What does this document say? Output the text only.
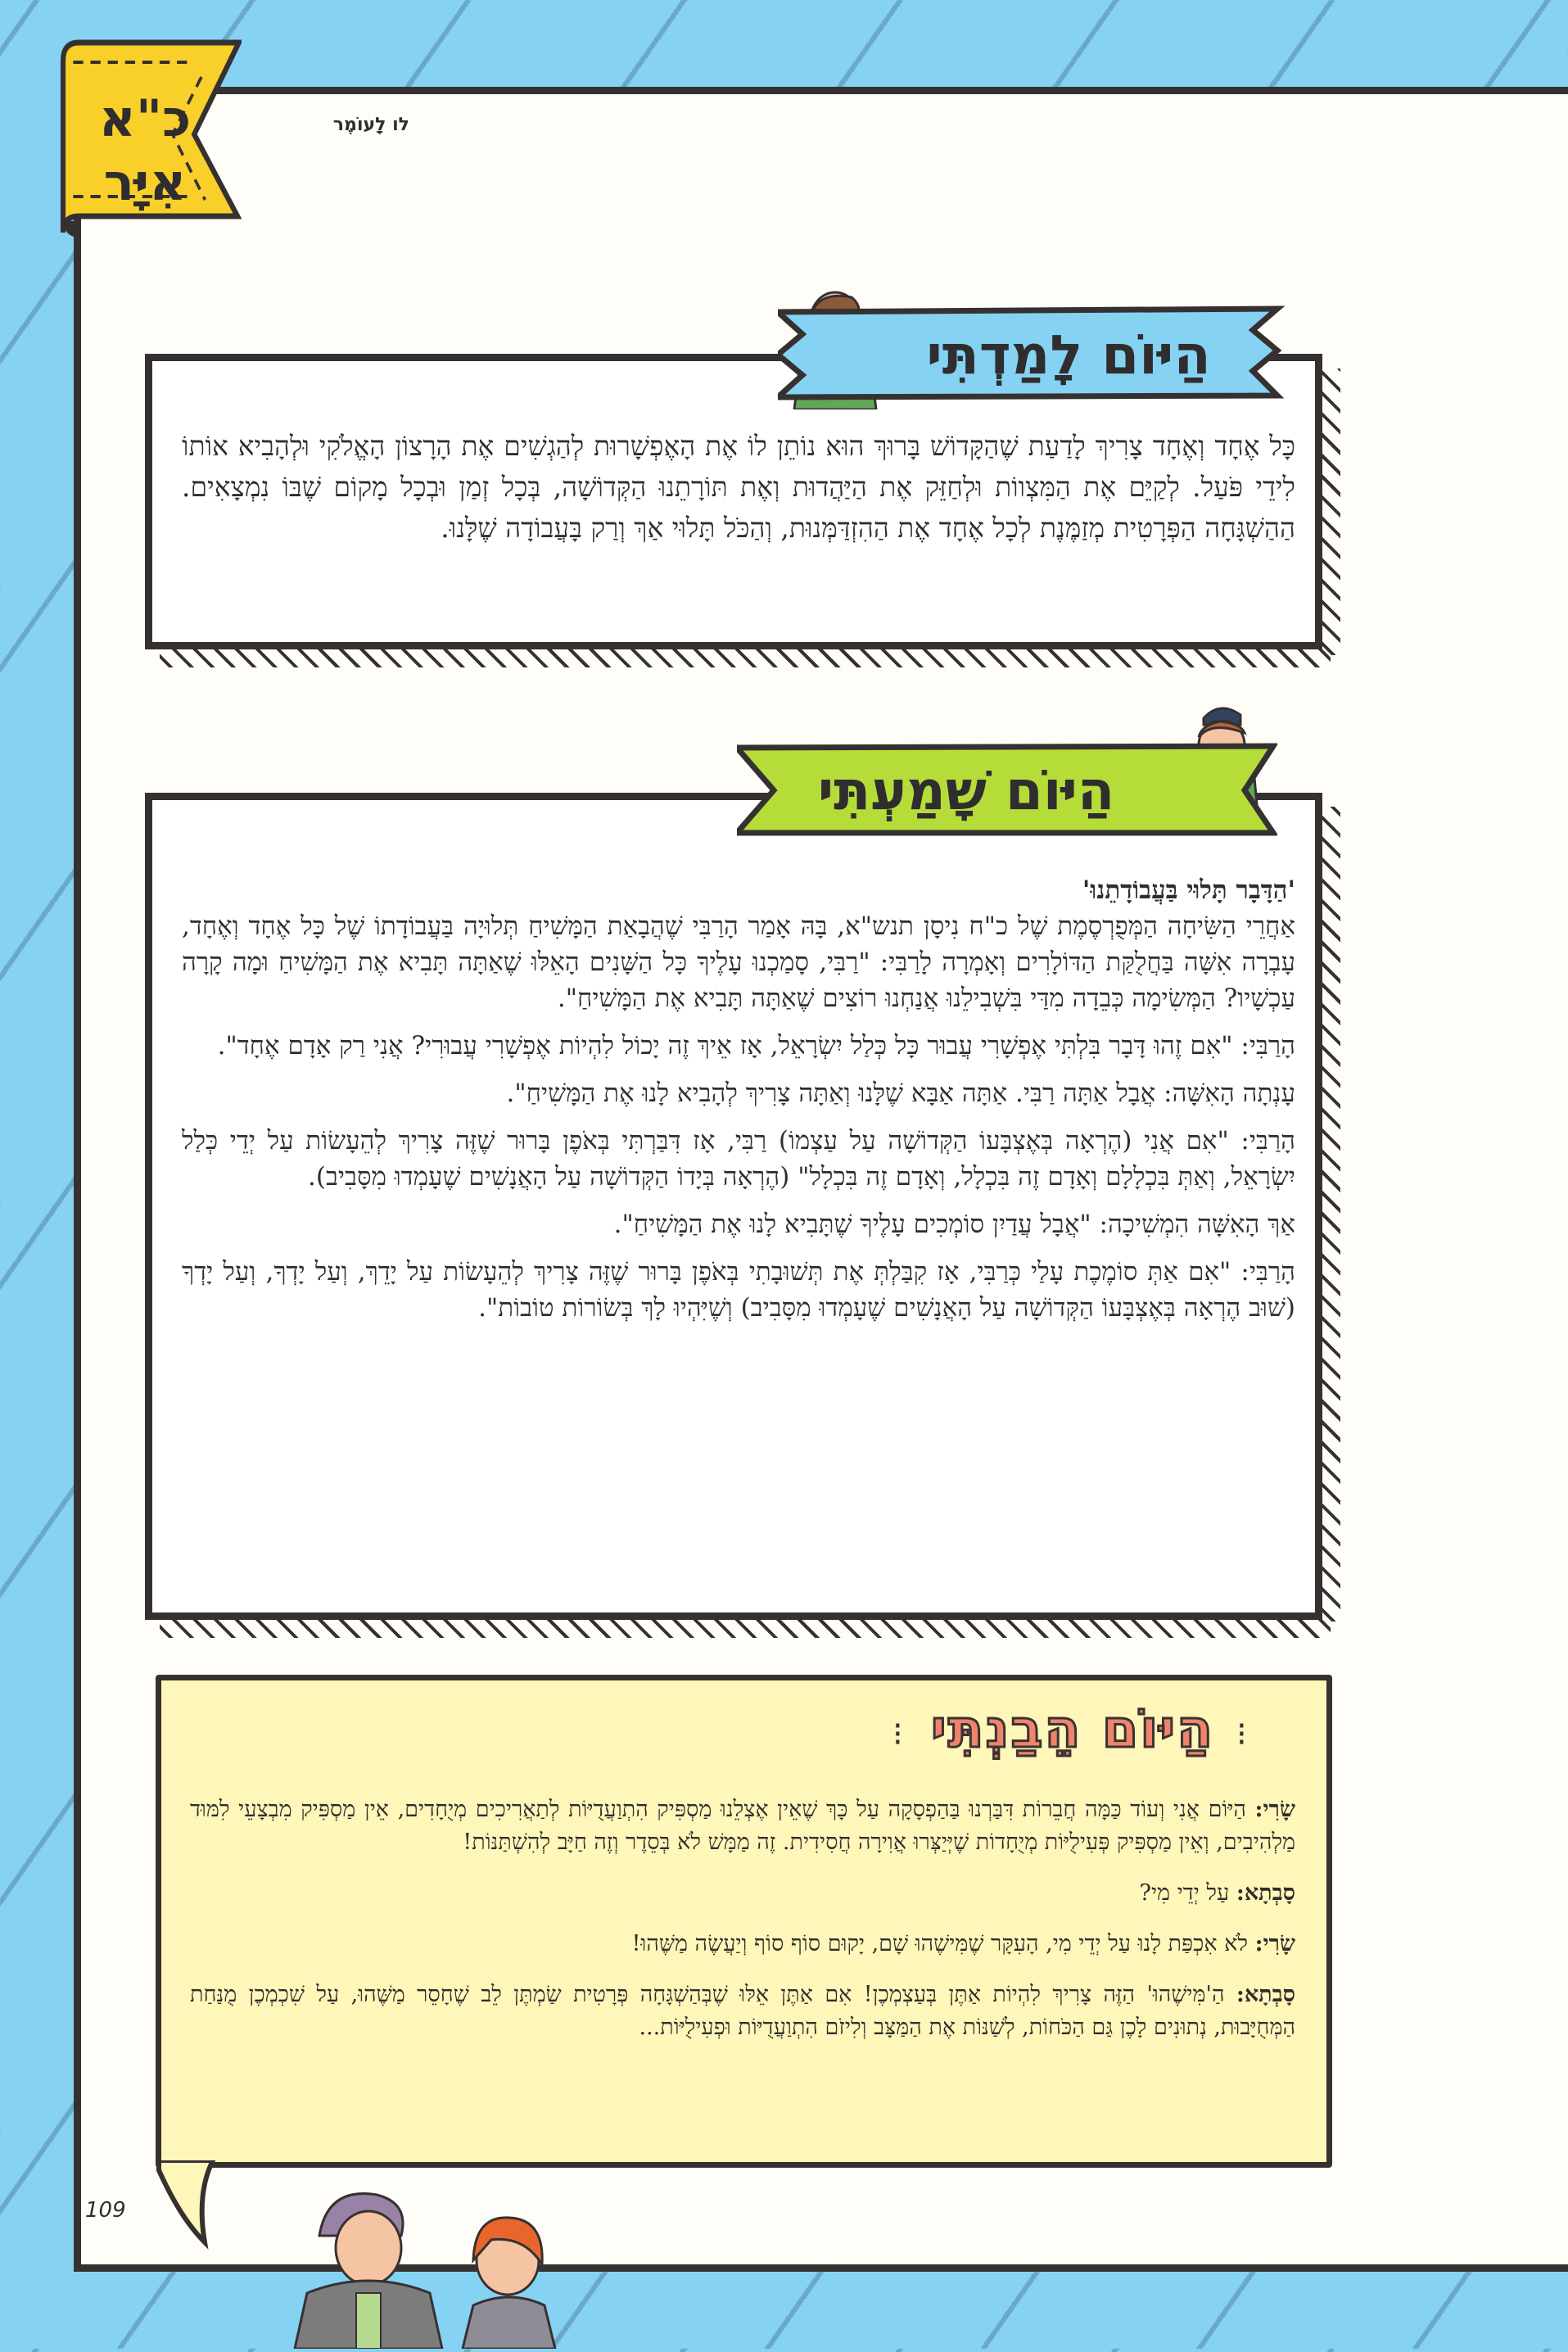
כ"א
אִיָּר
לו לָעוֹמֶר
הַיּוֹם לָמַדְתִּי

כָּל אֶחָד וְאֶחָד צָרִיךְ לָדַעַת שֶׁהַקָּדוֹשׁ בָּרוּךְ הוּא נוֹתֵן לוֹ אֶת הָאֶפְשָׁרוּת לְהַגְשִׁים אֶת הָרָצוֹן הָאֱלֹקִי וּלְהָבִיא אוֹתוֹ לִידֵי פֹּעַל. לְקַיֵּם אֶת הַמִּצְווֹת וּלְחַזֵּק אֶת הַיַּהֲדוּת וְאֶת תּוֹרָתֵנוּ הַקְּדוֹשָׁה, בְּכָל זְמַן וּבְכָל מָקוֹם שֶׁבּוֹ נִמְצָאִים. הַהַשְׁגָּחָה הַפְּרָטִית מְזַמֶּנֶת לְכָל אֶחָד אֶת הַהִזְדַּמְּנוּת, וְהַכֹּל תָּלוּי אַךְ וְרַק בָּעֲבוֹדָה שֶׁלָּנוּ.

הַיּוֹם שָׁמַעְתִּי

'הַדָּבָר תָּלוּי בַּעֲבוֹדָתֵנוּ'

אַחֲרֵי הַשִּׂיחָה הַמְּפֻרְסֶמֶת שֶׁל כ"ח נִיסָן תנש"א, בָּהּ אָמַר הָרַבִּי שֶׁהֲבָאַת הַמָּשִׁיחַ תְּלוּיָה בַּעֲבוֹדָתוֹ שֶׁל כָּל אֶחָד וְאֶחָד, עָבְרָה אִשָּׁה בַּחֲלֻקַּת הַדּוֹלָרִים וְאָמְרָה לָרַבִּי: "רַבִּי, סָמַכְנוּ עָלֶיךָ כָּל הַשָּׁנִים הָאֵלּוּ שֶׁאַתָּה תָּבִיא אֶת הַמָּשִׁיחַ וּמָה קָרָה עַכְשָׁיו? הַמְּשִׂימָה כְּבֵדָה מִדַּי בִּשְׁבִילֵנוּ אֲנַחְנוּ רוֹצִים שֶׁאַתָּה תָּבִיא אֶת הַמָּשִׁיחַ".

הָרַבִּי: "אִם זֶהוּ דָּבָר בִּלְתִּי אֶפְשָׁרִי עֲבוּר כָּל כְּלַל יִשְׂרָאֵל, אָז אֵיךְ זֶה יָכוֹל לִהְיוֹת אֶפְשָׁרִי עֲבוּרִי? אֲנִי רַק אָדָם אֶחָד".

עָנְתָה הָאִשָּׁה: אֲבָל אַתָּה רַבִּי. אַתָּה אַבָּא שֶׁלָּנוּ וְאַתָּה צָרִיךְ לְהָבִיא לָנוּ אֶת הַמָּשִׁיחַ".

הָרַבִּי: "אִם אֲנִי (הֶרְאָה בְּאֶצְבָּעוֹ הַקְּדוֹשָׁה עַל עַצְמוֹ) רַבִּי, אָז דִּבַּרְתִּי בְּאֹפֶן בָּרוּר שֶׁזֶּה צָרִיךְ לְהֵעָשׂוֹת עַל יְדֵי כְּלַל יִשְׂרָאֵל, וְאַתְּ בִּכְלָלָם וְאָדָם זֶה בִּכְלָל, וְאָדָם זֶה בִּכְלָל" (הֶרְאָה בְּיָדוֹ הַקְּדוֹשָׁה עַל הָאֲנָשִׁים שֶׁעָמְדוּ מִסָּבִיב).

אַךְ הָאִשָּׁה הִמְשִׁיכָה: "אֲבָל עֲדַיִן סוֹמְכִים עָלֶיךָ שֶׁתָּבִיא לָנוּ אֶת הַמָּשִׁיחַ".

הָרַבִּי: "אִם אַתְּ סוֹמֶכֶת עָלַי כְּרַבִּי, אָז קִבַּלְתְּ אֶת תְּשׁוּבָתִי בְּאֹפֶן בָּרוּר שֶׁזֶּה צָרִיךְ לְהֵעָשׂוֹת עַל יָדֵךְ, וְעַל יָדְךָ, וְעַל יָדְךָ (שׁוּב הֶרְאָה בְּאֶצְבָּעוֹ הַקְּדוֹשָׁה עַל הָאֲנָשִׁים שֶׁעָמְדוּ מִסָּבִיב) וְשֶׁיִּהְיוּ לָךְ בְּשׂוֹרוֹת טוֹבוֹת".

הַיּוֹם הֵבַנְתִּי ⁝
⁝

שָׂרִי: הַיּוֹם אֲנִי וְעוֹד כַּמָּה חֲבֵרוֹת דִּבַּרְנוּ בַּהַפְסָקָה עַל כָּךְ שֶׁאֵין אֶצְלֵנוּ מַסְפִּיק הִתְוַעֲדֻיּוֹת לְתַאֲרִיכִים מְיֻחָדִים, אֵין מַסְפִּיק מִבְצָעֵי לִמּוּד מַלְהִיבִים, וְאֵין מַסְפִּיק פְּעִילֻיּוֹת מְיֻחָדוֹת שֶׁיְּיַצְּרוּ אֲוִירָה חֲסִידִית. זֶה מַמָּשׁ לֹא בְּסֵדֶר וְזֶה חַיָּב לְהִשְׁתַּנּוֹת!

סָבְתָא: עַל יְדֵי מִי?

שָׂרִי: לֹא אִכְפַּת לָנוּ עַל יְדֵי מִי, הָעִקָּר שֶׁמִּישֶׁהוּ שָׁם, יָקוּם סוֹף סוֹף וְיַעֲשֶׂה מַשֶּׁהוּ!

סָבְתָא: הַ'מִּישֶׁהוּ' הַזֶּה צָרִיךְ לִהְיוֹת אַתֶּן בְּעַצְמְכֶן! אִם אַתֶּן אֵלּוּ שֶׁבְּהַשְׁגָּחָה פְּרָטִית שַׂמְתֶּן לֵב שֶׁחָסֵר מַשֶּׁהוּ, עַל שִׁכְמְכֶן מֻנַּחַת הַמְּחֻיָּבוּת, נְתוּנִים לָכֶן גַּם הַכֹּחוֹת, לְשַׁנּוֹת אֶת הַמַּצָּב וְלִיזֹם הִתְוַעֲדֻיּוֹת וּפְעִילֻיּוֹת...

109
